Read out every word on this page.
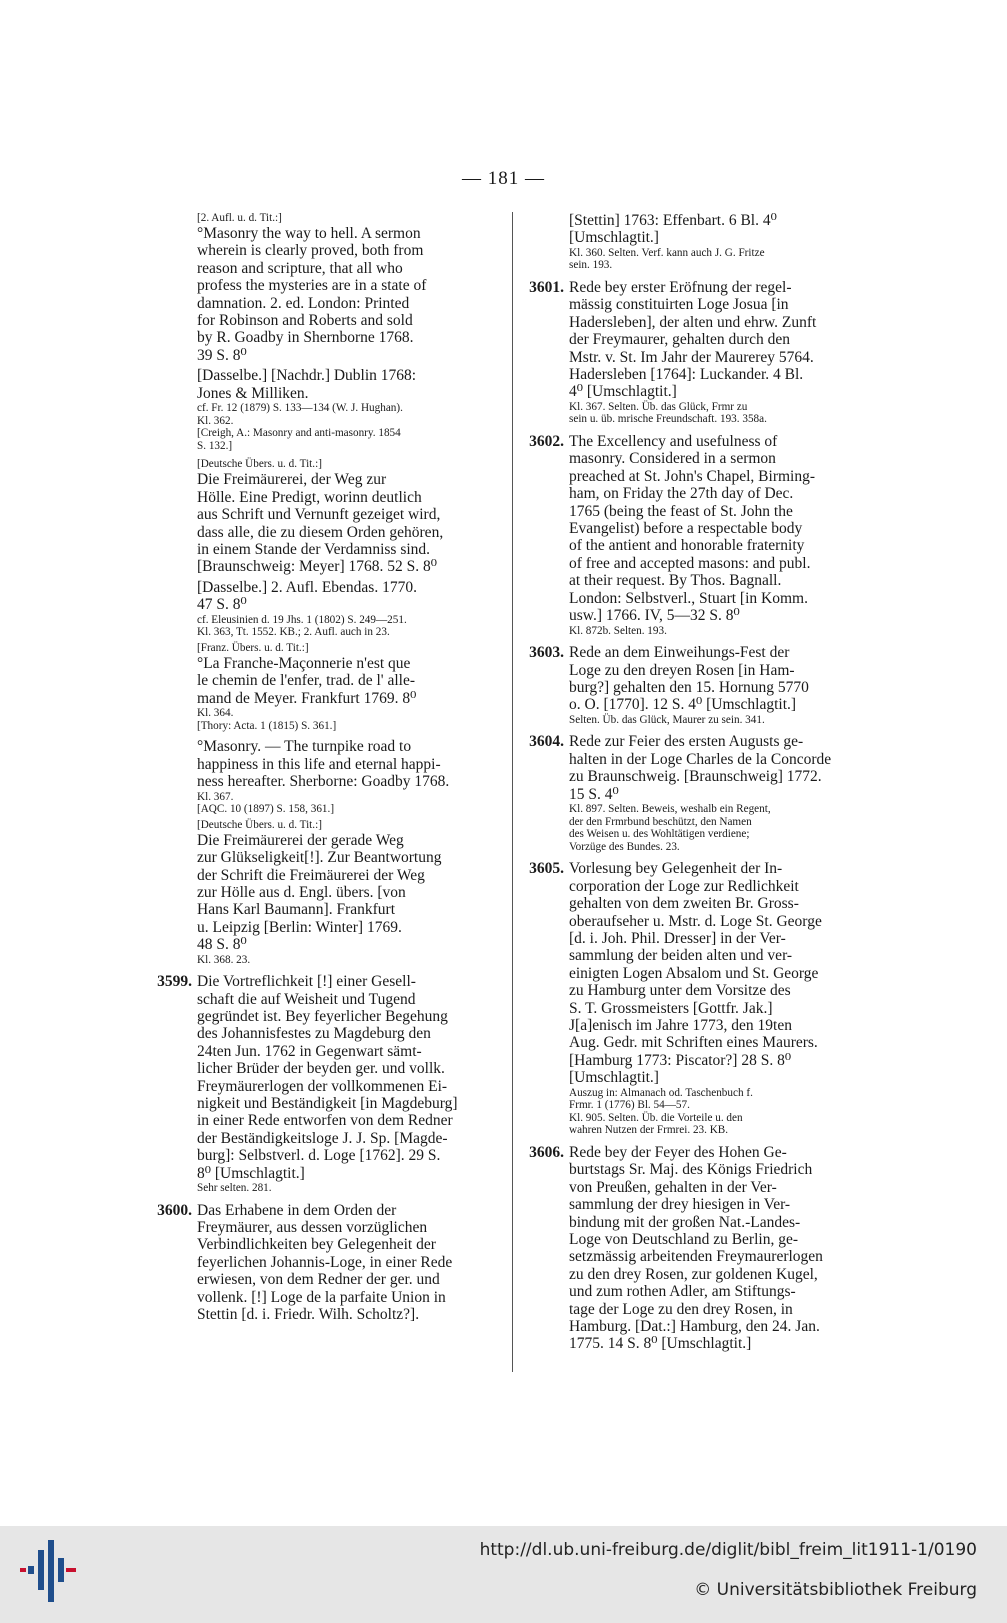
— 181 —
[2. Aufl. u. d. Tit.:]
°Masonry the way to hell. A sermon
wherein is clearly proved, both from
reason and scripture, that all who
profess the mysteries are in a state of
damnation. 2. ed. London: Printed
for Robinson and Roberts and sold
by R. Goadby in Shernborne 1768.
39 S. 8⁰
[Dasselbe.] [Nachdr.] Dublin 1768:
Jones & Milliken.
cf. Fr. 12 (1879) S. 133—134 (W. J. Hughan).
Kl. 362.
[Creigh, A.: Masonry and anti-masonry. 1854
S. 132.]
[Deutsche Übers. u. d. Tit.:]
Die Freimäurerei, der Weg zur
Hölle. Eine Predigt, worinn deutlich
aus Schrift und Vernunft gezeiget wird,
dass alle, die zu diesem Orden gehören,
in einem Stande der Verdamniss sind.
[Braunschweig: Meyer] 1768. 52 S. 8⁰
[Dasselbe.] 2. Aufl. Ebendas. 1770.
47 S. 8⁰
cf. Eleusinien d. 19 Jhs. 1 (1802) S. 249—251.
Kl. 363, Tt. 1552. KB.; 2. Aufl. auch in 23.
[Franz. Übers. u. d. Tit.:]
°La Franche-Maçonnerie n'est que
le chemin de l'enfer, trad. de l' alle-
mand de Meyer. Frankfurt 1769. 8⁰
Kl. 364.
[Thory: Acta. 1 (1815) S. 361.]
°Masonry. — The turnpike road to
happiness in this life and eternal happi-
ness hereafter. Sherborne: Goadby 1768.
Kl. 367.
[AQC. 10 (1897) S. 158, 361.]
[Deutsche Übers. u. d. Tit.:]
Die Freimäurerei der gerade Weg
zur Glükseligkeit[!]. Zur Beantwortung
der Schrift die Freimäurerei der Weg
zur Hölle aus d. Engl. übers. [von
Hans Karl Baumann]. Frankfurt
u. Leipzig [Berlin: Winter] 1769.
48 S. 8⁰
Kl. 368. 23.
3599. Die Vortreflichkeit [!] einer Gesell-
schaft die auf Weisheit und Tugend
gegründet ist. Bey feyerlicher Begehung
des Johannisfestes zu Magdeburg den
24ten Jun. 1762 in Gegenwart sämt-
licher Brüder der beyden ger. und vollk.
Freymäurerlogen der vollkommenen Ei-
nigkeit und Beständigkeit [in Magdeburg]
in einer Rede entworfen von dem Redner
der Beständigkeitsloge J. J. Sp. [Magde-
burg]: Selbstverl. d. Loge [1762]. 29 S.
8⁰ [Umschlagtit.]
Sehr selten. 281.
3600. Das Erhabene in dem Orden der
Freymäurer, aus dessen vorzüglichen
Verbindlichkeiten bey Gelegenheit der
feyerlichen Johannis-Loge, in einer Rede
erwiesen, von dem Redner der ger. und
vollenk. [!] Loge de la parfaite Union in
Stettin [d. i. Friedr. Wilh. Scholtz?].
[Stettin] 1763: Effenbart. 6 Bl. 4⁰
[Umschlagtit.]
Kl. 360. Selten. Verf. kann auch J. G. Fritze
sein. 193.
3601. Rede bey erster Eröfnung der regel-
mässig constituirten Loge Josua [in
Hadersleben], der alten und ehrw. Zunft
der Freymaurer, gehalten durch den
Mstr. v. St. Im Jahr der Maurerey 5764.
Hadersleben [1764]: Luckander. 4 Bl.
4⁰ [Umschlagtit.]
Kl. 367. Selten. Üb. das Glück, Frmr zu
sein u. üb. mrische Freundschaft. 193. 358a.
3602. The Excellency and usefulness of
masonry. Considered in a sermon
preached at St. John's Chapel, Birming-
ham, on Friday the 27th day of Dec.
1765 (being the feast of St. John the
Evangelist) before a respectable body
of the antient and honorable fraternity
of free and accepted masons: and publ.
at their request. By Thos. Bagnall.
London: Selbstverl., Stuart [in Komm.
usw.] 1766. IV, 5—32 S. 8⁰
Kl. 872b. Selten. 193.
3603. Rede an dem Einweihungs-Fest der
Loge zu den dreyen Rosen [in Ham-
burg?] gehalten den 15. Hornung 5770
o. O. [1770]. 12 S. 4⁰ [Umschlagtit.]
Selten. Üb. das Glück, Maurer zu sein. 341.
3604. Rede zur Feier des ersten Augusts ge-
halten in der Loge Charles de la Concorde
zu Braunschweig. [Braunschweig] 1772.
15 S. 4⁰
Kl. 897. Selten. Beweis, weshalb ein Regent,
der den Frmrbund beschützt, den Namen
des Weisen u. des Wohltätigen verdiene;
Vorzüge des Bundes. 23.
3605. Vorlesung bey Gelegenheit der In-
corporation der Loge zur Redlichkeit
gehalten von dem zweiten Br. Gross-
oberaufseher u. Mstr. d. Loge St. George
[d. i. Joh. Phil. Dresser] in der Ver-
sammlung der beiden alten und ver-
einigten Logen Absalom und St. George
zu Hamburg unter dem Vorsitze des
S. T. Grossmeisters [Gottfr. Jak.]
J[a]enisch im Jahre 1773, den 19ten
Aug. Gedr. mit Schriften eines Maurers.
[Hamburg 1773: Piscator?] 28 S. 8⁰
[Umschlagtit.]
Auszug in: Almanach od. Taschenbuch f.
Frmr. 1 (1776) Bl. 54—57.
Kl. 905. Selten. Üb. die Vorteile u. den
wahren Nutzen der Frmrei. 23. KB.
3606. Rede bey der Feyer des Hohen Ge-
burtstags Sr. Maj. des Königs Friedrich
von Preußen, gehalten in der Ver-
sammlung der drey hiesigen in Ver-
bindung mit der großen Nat.-Landes-
Loge von Deutschland zu Berlin, ge-
setzmässig arbeitenden Freymaurerlogen
zu den drey Rosen, zur goldenen Kugel,
und zum rothen Adler, am Stiftungs-
tage der Loge zu den drey Rosen, in
Hamburg. [Dat.:] Hamburg, den 24. Jan.
1775. 14 S. 8⁰ [Umschlagtit.]
http://dl.ub.uni-freiburg.de/diglit/bibl_freim_lit1911-1/0190
© Universitätsbibliothek Freiburg
